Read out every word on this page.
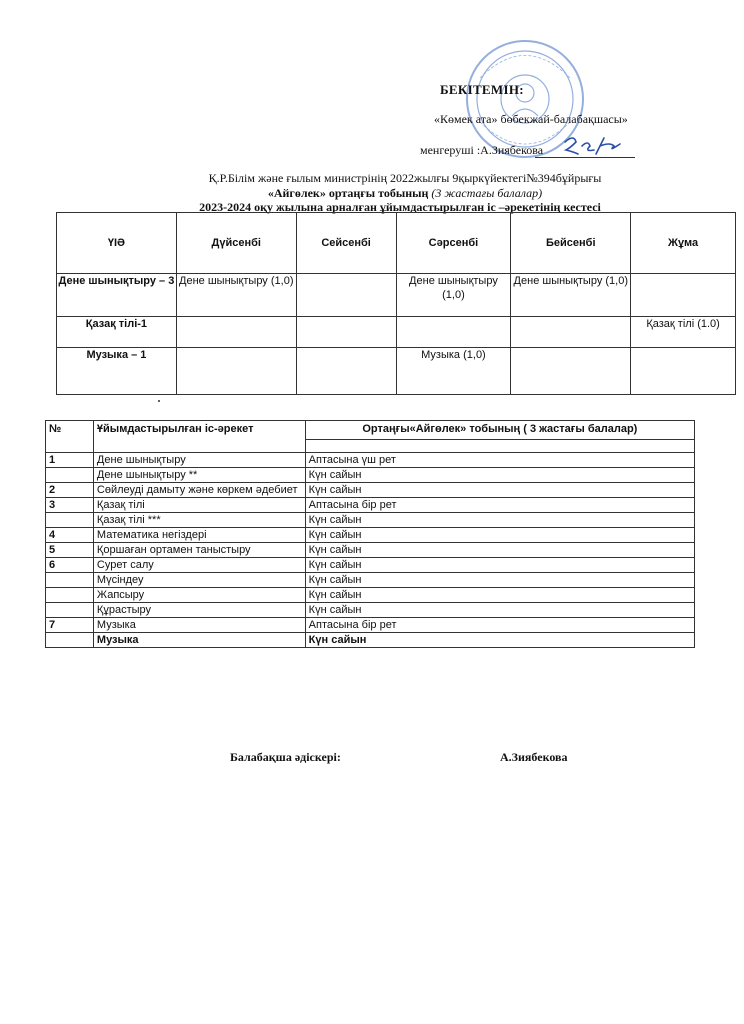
БЕКІТЕМІН:
«Көмек ата» бөбекжай-балабақшасы»
менгеруші :А.Зиябекова
Қ.Р.Білім және ғылым министрінің 2022жылғы 9қыркүйектегі№394бұйрығы
«Айгөлек» ортаңғы тобының (3 жастағы балалар)
2023-2024 оқу жылына арналған ұйымдастырылған іс –әрекетінің кестесі
ҮІӘ	Дүйсенбі	Сейсенбі	Сәрсенбі	Бейсенбі	Жұма
Дене шынықтыру – 3	Дене шынықтыру (1,0)		Дене шынықтыру (1,0)	Дене шынықтыру (1,0)	
Қазақ тілі-1					Қазақ тілі (1.0)
Музыка – 1			Музыка (1,0)		
№	Ұйымдастырылған іс-әрекет	Ортаңғы«Айгөлек» тобының ( 3 жастағы балалар)

1	Дене шынықтыру	Аптасына үш рет
	Дене шынықтыру **	Күн сайын
2	Сөйлеуді дамыту және көркем әдебиет	Күн сайын
3	Қазақ тілі	Аптасына бір рет
	Қазақ тілі ***	Күн сайын
4	Математика негіздері	Күн сайын
5	Қоршаған ортамен таныстыру	Күн сайын
6	Сурет салу	Күн сайын
	Мүсіндеу	Күн сайын
	Жапсыру	Күн сайын
	Құрастыру	Күн сайын
7	Музыка	Аптасына бір рет
	Музыка	Күн сайын
Балабақша әдіскері:	А.Зиябекова
